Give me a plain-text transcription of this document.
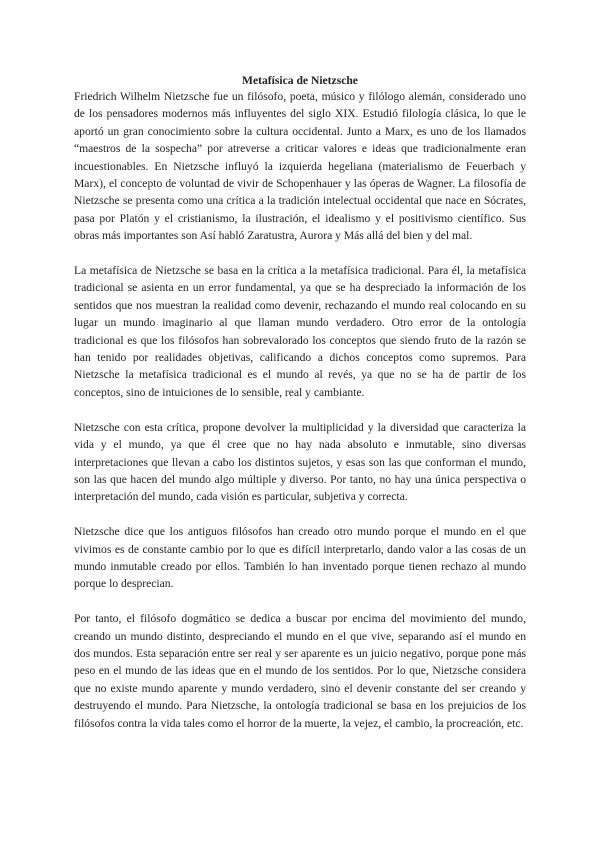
Metafísica de Nietzsche

Friedrich Wilhelm Nietzsche fue un filósofo, poeta, músico y filólogo alemán, considerado uno de los pensadores modernos más influyentes del siglo XIX. Estudió filología clásica, lo que le aportó un gran conocimiento sobre la cultura occidental. Junto a Marx, es uno de los llamados “maestros de la sospecha” por atreverse a criticar valores e ideas que tradicionalmente eran incuestionables. En Nietzsche influyó la izquierda hegeliana (materialismo de Feuerbach y Marx), el concepto de voluntad de vivir de Schopenhauer y las óperas de Wagner. La filosofía de Nietzsche se presenta como una crítica a la tradición intelectual occidental que nace en Sócrates, pasa por Platón y el cristianismo, la ilustración, el idealismo y el positivismo científico. Sus obras más importantes son Así habló Zaratustra, Aurora y Más allá del bien y del mal.

La metafísica de Nietzsche se basa en la crítica a la metafísica tradicional. Para él, la metafísica tradicional se asienta en un error fundamental, ya que se ha despreciado la información de los sentidos que nos muestran la realidad como devenir, rechazando el mundo real colocando en su lugar un mundo imaginario al que llaman mundo verdadero. Otro error de la ontología tradicional es que los filósofos han sobrevalorado los conceptos que siendo fruto de la razón se han tenido por realidades objetivas, calificando a dichos conceptos como supremos. Para Nietzsche la metafísica tradicional es el mundo al revés, ya que no se ha de partir de los conceptos, sino de intuiciones de lo sensible, real y cambiante.

Nietzsche con esta crítica, propone devolver la multiplicidad y la diversidad que caracteriza la vida y el mundo, ya que él cree que no hay nada absoluto e inmutable, sino diversas interpretaciones que llevan a cabo los distintos sujetos, y esas son las que conforman el mundo, son las que hacen del mundo algo múltiple y diverso. Por tanto, no hay una única perspectiva o interpretación del mundo, cada visión es particular, subjetiva y correcta.

Nietzsche dice que los antiguos filósofos han creado otro mundo porque el mundo en el que vivimos es de constante cambio por lo que es difícil interpretarlo, dando valor a las cosas de un mundo inmutable creado por ellos. También lo han inventado porque tienen rechazo al mundo porque lo desprecian.

Por tanto, el filósofo dogmático se dedica a buscar por encima del movimiento del mundo, creando un mundo distinto, despreciando el mundo en el que vive, separando así el mundo en dos mundos. Esta separación entre ser real y ser aparente es un juicio negativo, porque pone más peso en el mundo de las ideas que en el mundo de los sentidos. Por lo que, Nietzsche considera que no existe mundo aparente y mundo verdadero, sino el devenir constante del ser creando y destruyendo el mundo. Para Nietzsche, la ontología tradicional se basa en los prejuicios de los filósofos contra la vida tales como el horror de la muerte, la vejez, el cambio, la procreación, etc.
